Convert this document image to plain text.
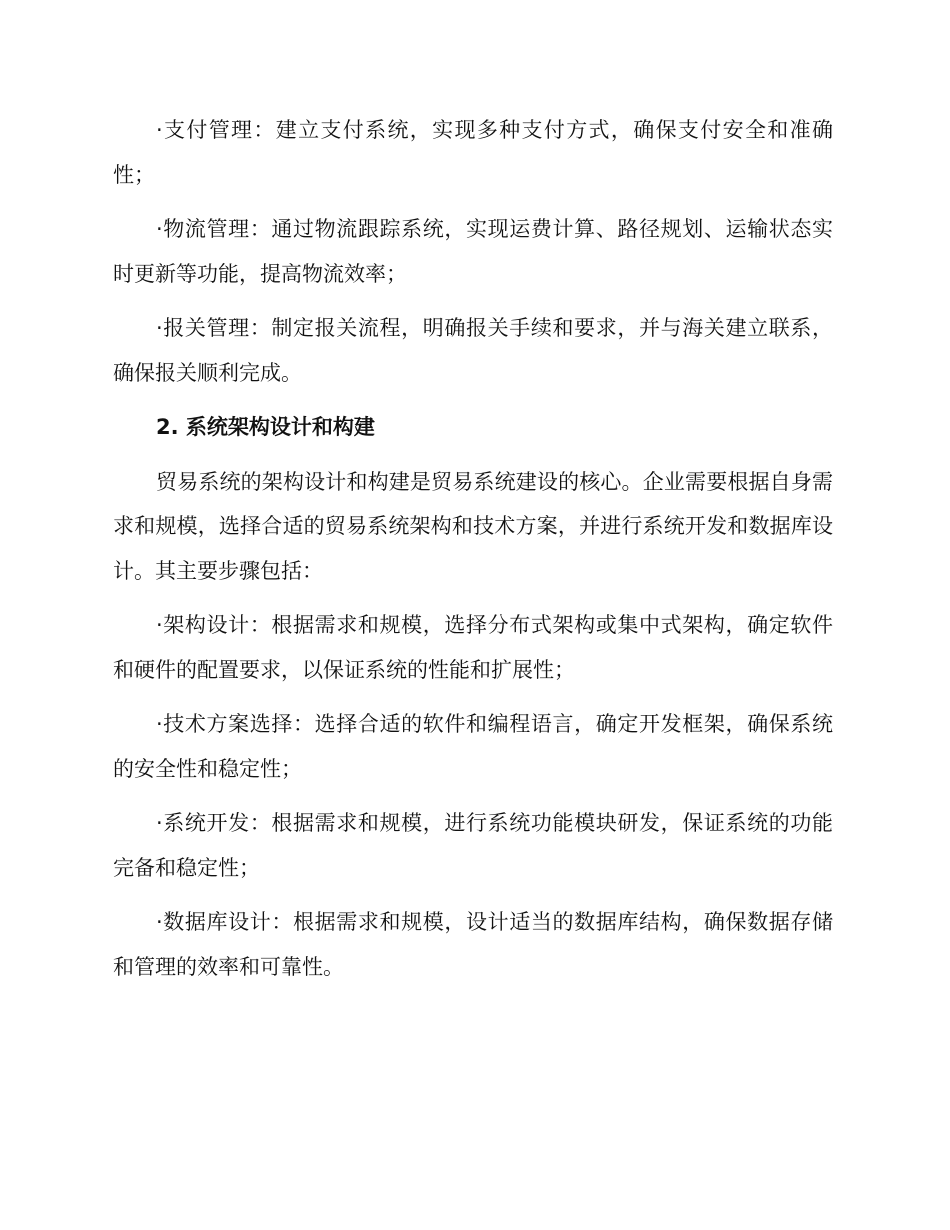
·支付管理：建立支付系统，实现多种支付方式，确保支付安全和准确性；

·物流管理：通过物流跟踪系统，实现运费计算、路径规划、运输状态实时更新等功能，提高物流效率；

·报关管理：制定报关流程，明确报关手续和要求，并与海关建立联系，确保报关顺利完成。

2. 系统架构设计和构建

贸易系统的架构设计和构建是贸易系统建设的核心。企业需要根据自身需求和规模，选择合适的贸易系统架构和技术方案，并进行系统开发和数据库设计。其主要步骤包括：

·架构设计：根据需求和规模，选择分布式架构或集中式架构，确定软件和硬件的配置要求，以保证系统的性能和扩展性；

·技术方案选择：选择合适的软件和编程语言，确定开发框架，确保系统的安全性和稳定性；

·系统开发：根据需求和规模，进行系统功能模块研发，保证系统的功能完备和稳定性；

·数据库设计：根据需求和规模，设计适当的数据库结构，确保数据存储和管理的效率和可靠性。
